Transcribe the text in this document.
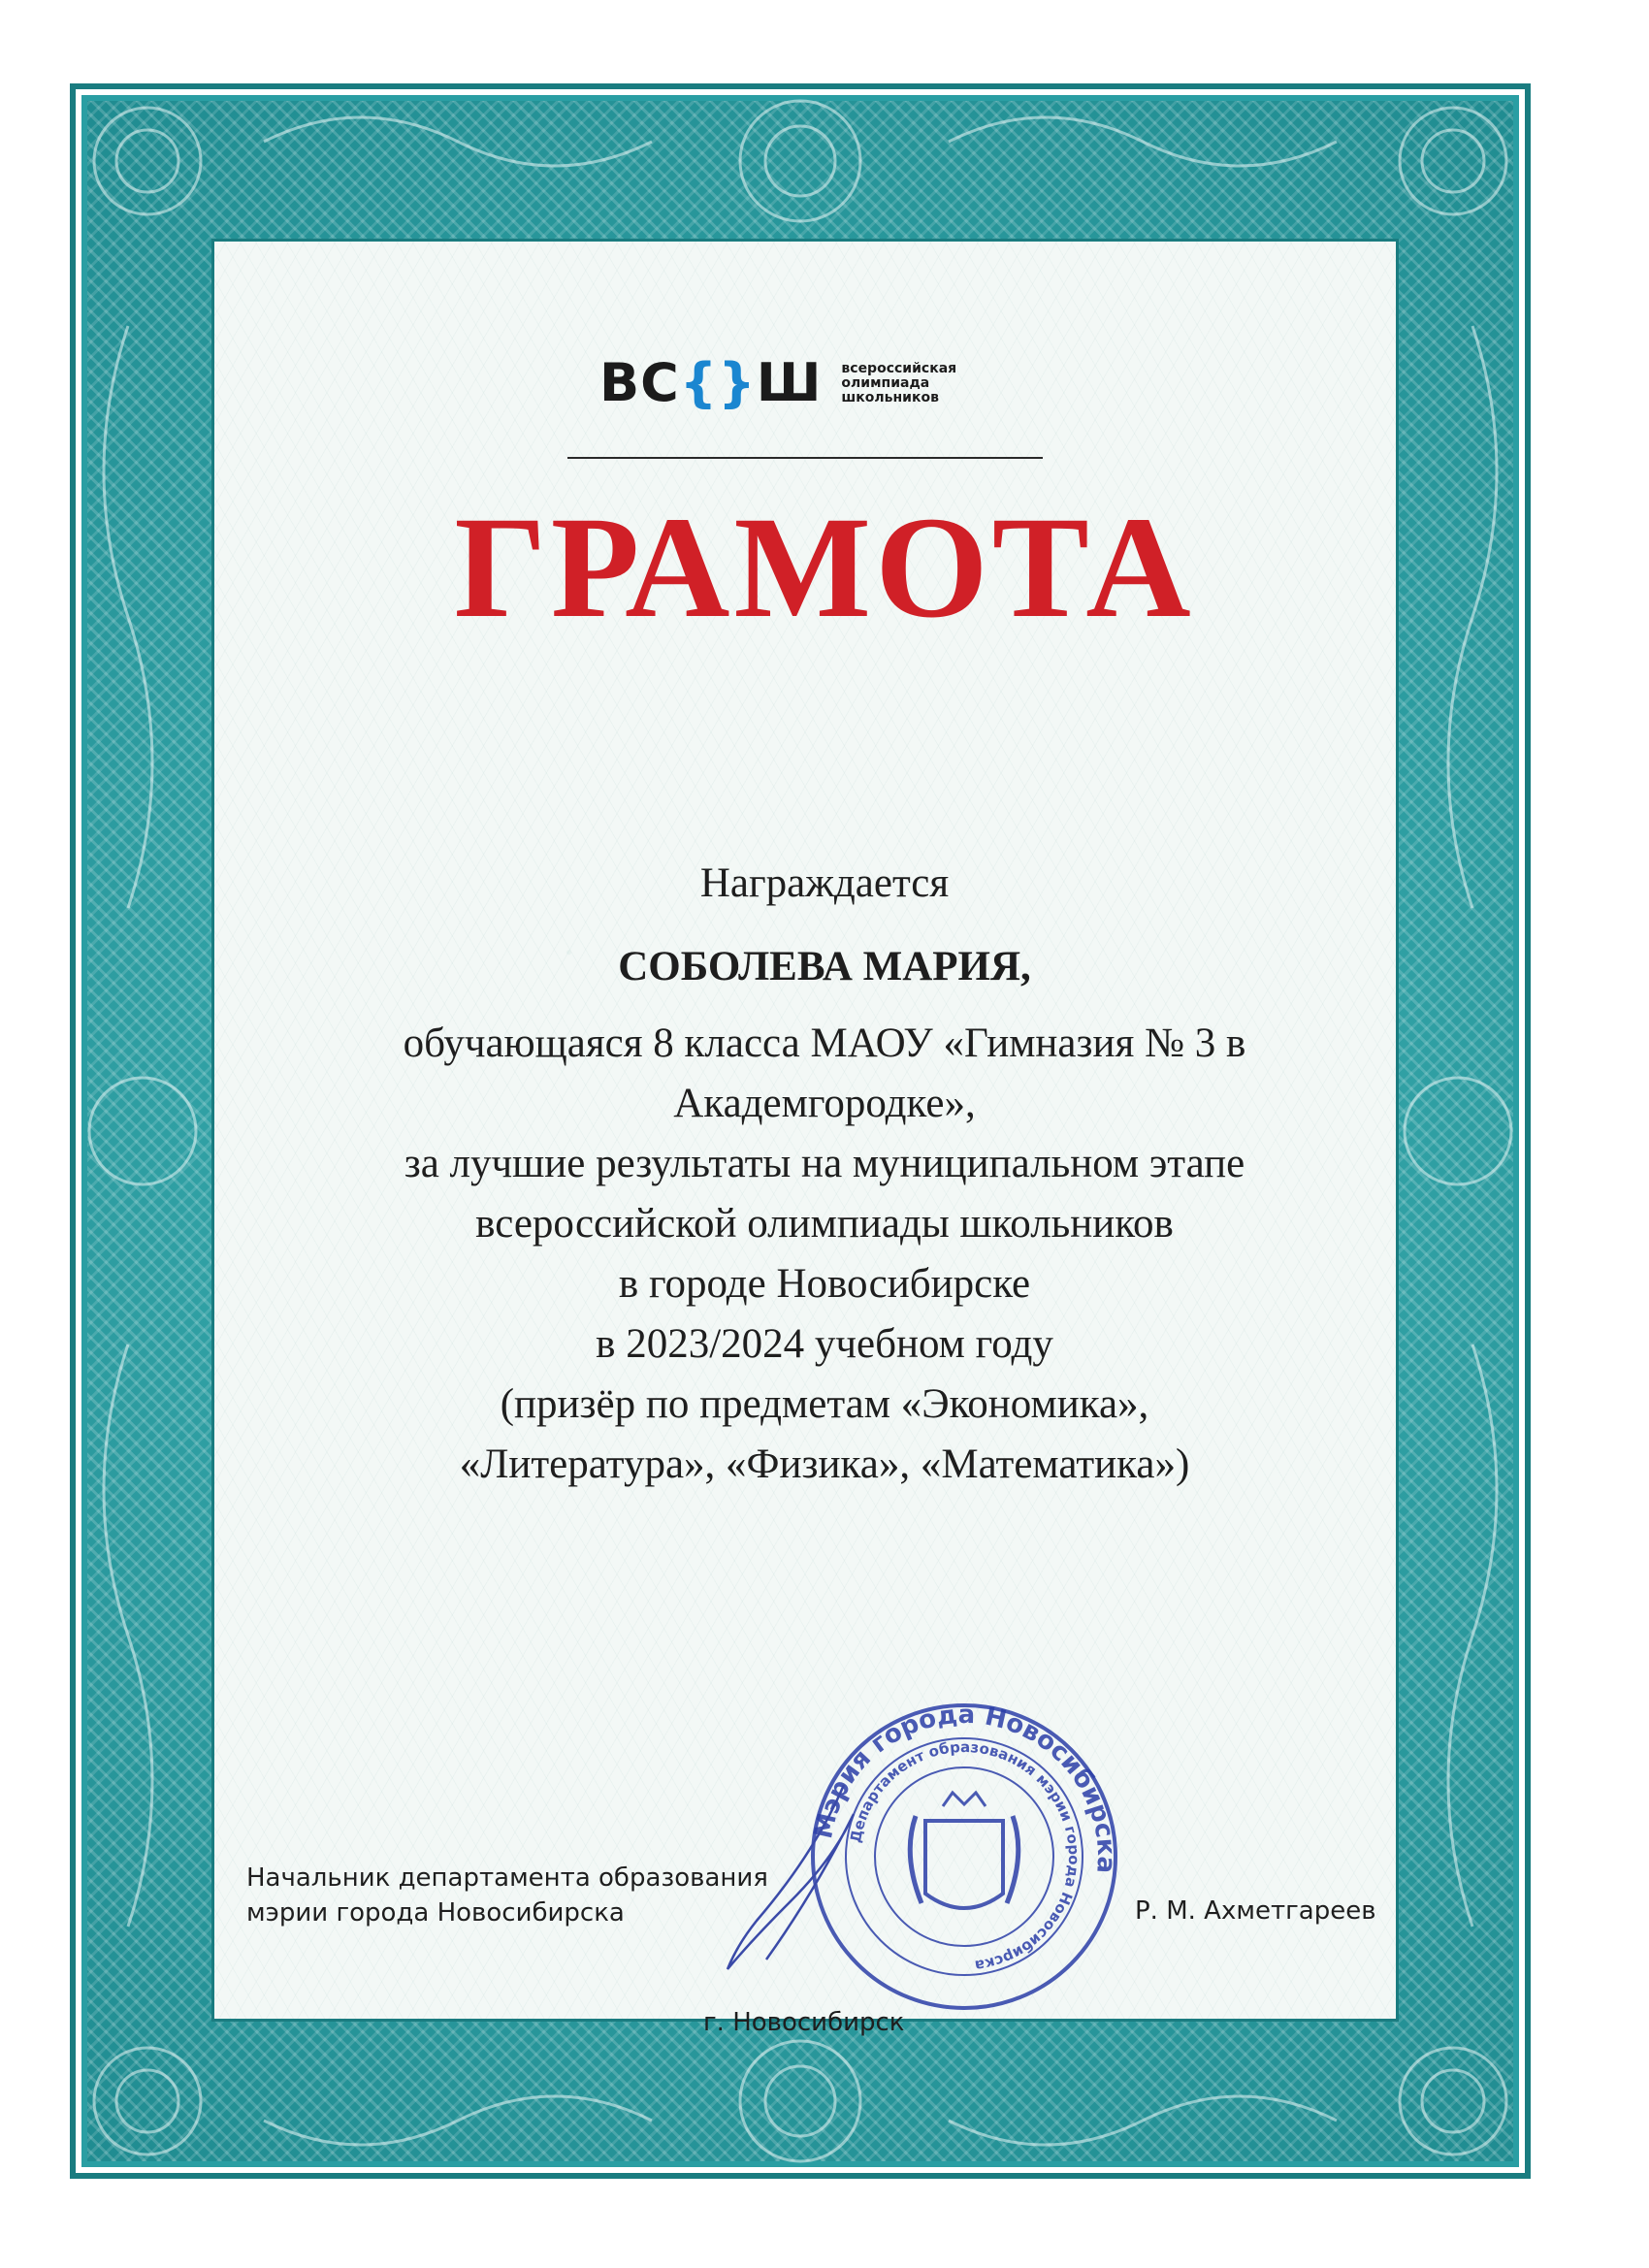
ВС{}Ш всероссийская
олимпиада
школьников
ГРАМОТА
Награждается
СОБОЛЕВА МАРИЯ,
обучающаяся 8 класса МАОУ «Гимназия № 3 в
Академгородке»,
за лучшие результаты на муниципальном этапе
всероссийской олимпиады школьников
в городе Новосибирске
в 2023/2024 учебном году
(призёр по предметам «Экономика»,
«Литература», «Физика», «Математика»)
Начальник департамента образования
мэрии города Новосибирска
Мэрия города Новосибирска
Департамент образования мэрии города Новосибирска
Р. М. Ахметгареев
г. Новосибирск
